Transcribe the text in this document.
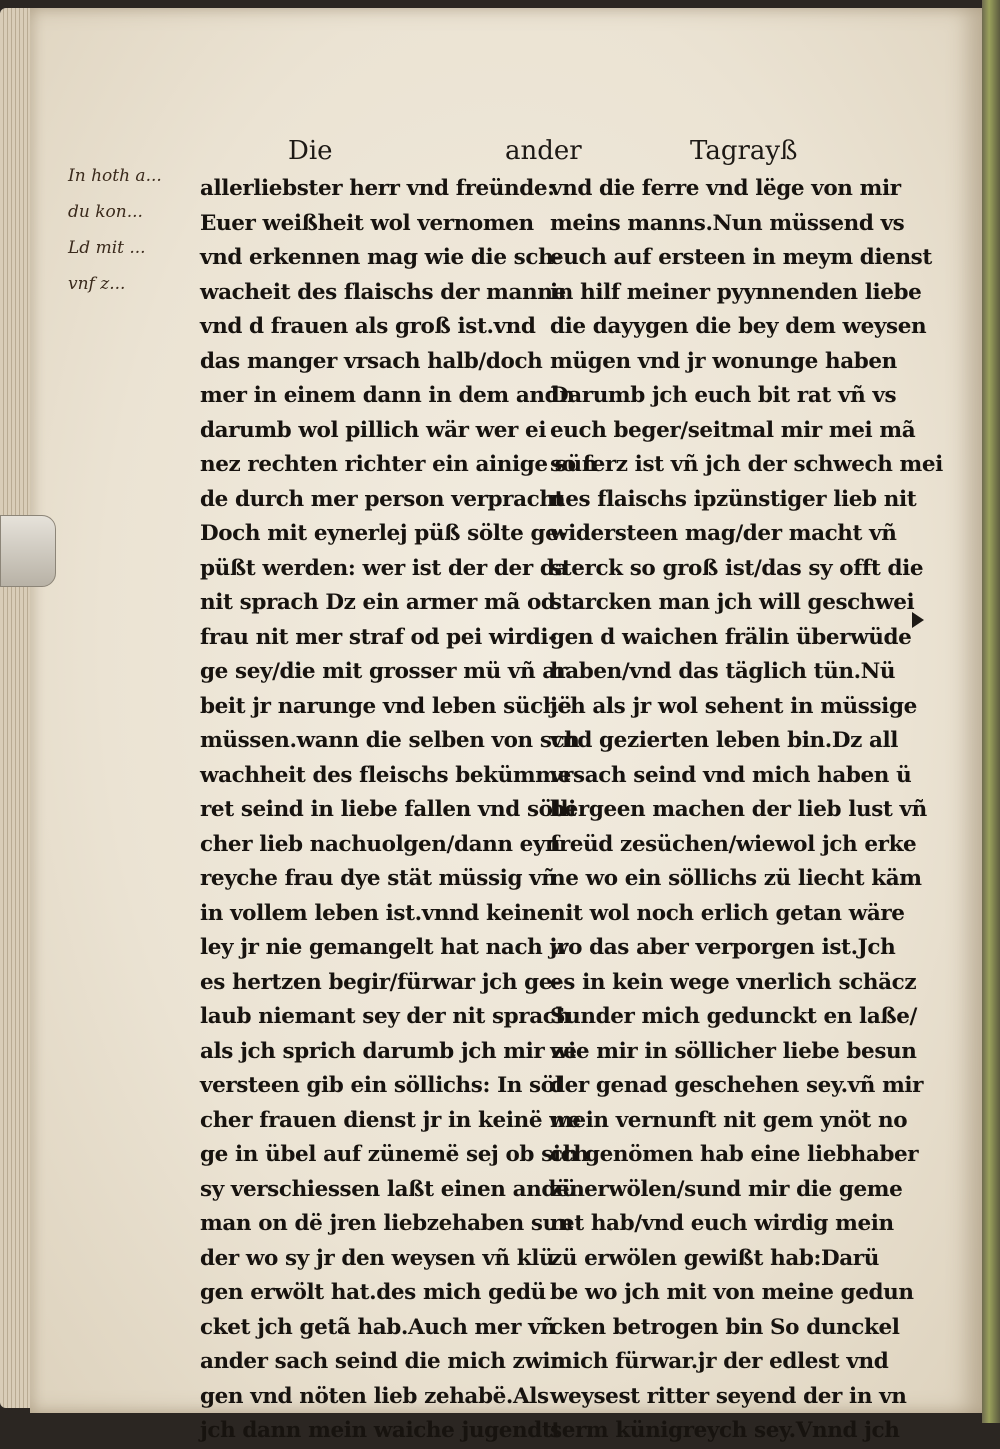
Die	ander	Tagrayß
In hoth a...
du kon...
Ld mit ...
vnf z...
allerliebster herr vnd freünde:
Euer weißheit wol vernomen
vnd erkennen mag wie die sch-
wacheit des flaischs der manne
vnd d frauen als groß ist.vnd
das manger vrsach halb/doch
mer in einem dann in dem andn
darumb wol pillich wär wer ei
nez rechten richter ein ainige sün
de durch mer person verpracht
Doch mit eynerlej püß sölte ge-
püßt werden: wer ist der der da
nit sprach Dz ein armer mã od
frau nit mer straf od pei wirdi-
ge sey/die mit grosser mü vñ ar
beit jr narunge vnd leben süchë
müssen.wann die selben von sch
wachheit des fleischs bekümme
ret seind in liebe fallen vnd sölli
cher lieb nachuolgen/dann eyn
reyche frau dye stät müssig vñ
in vollem leben ist.vnnd keiner
ley jr nie gemangelt hat nach jr
es hertzen begir/fürwar jch ge-
laub niemant sey der nit sprach
als jch sprich darumb jch mir ze
versteen gib ein söllichs: In söl
cher frauen dienst jr in keinë we
ge in übel auf zünemë sej ob sich
sy verschiessen laßt einen andën
man on dë jren liebzehaben sun
der wo sy jr den weysen vñ klü
gen erwölt hat.des mich gedü
cket jch getã hab.Auch mer vñ
ander sach seind die mich zwin
gen vnd nöten lieb zehabë.Als
jch dann mein waiche jugendtt
vnd die ferre vnd lëge von mir
meins manns.Nun müssend vs
euch auf ersteen in meym dienst
in hilf meiner pyynnenden liebe
die dayygen die bey dem weysen
mügen vnd jr wonunge haben
Darumb jch euch bit rat vñ vs
euch beger/seitmal mir mei mã
so ferz ist vñ jch der schwech mei
nes flaischs ipzünstiger lieb nit
widersteen mag/der macht vñ
sterck so groß ist/das sy offt die
starcken man jch will geschwei
gen d waichen frälin überwüde
haben/vnd das täglich tün.Nü
jch als jr wol sehent in müssige
vnd gezierten leben bin.Dz all
vrsach seind vnd mich haben ü
bergeen machen der lieb lust vñ
freüd zesüchen/wiewol jch erke
ne wo ein söllichs zü liecht käm
nit wol noch erlich getan wäre
wo das aber verporgen ist.Jch
es in kein wege vnerlich schäcz
Sunder mich gedunckt en laße/
wie mir in söllicher liebe besun
der genad geschehen sey.vñ mir
mein vernunft nit gem ynöt no
ch genömen hab eine liebhaber
zü erwölen/sund mir die geme
ret hab/vnd euch wirdig mein
zü erwölen gewißt hab:Darü
be wo jch mit von meine gedun
cken betrogen bin So dunckel
mich fürwar.jr der edlest vnd
weysest ritter seyend der in vn
serm künigreych sey.Vnnd jch
